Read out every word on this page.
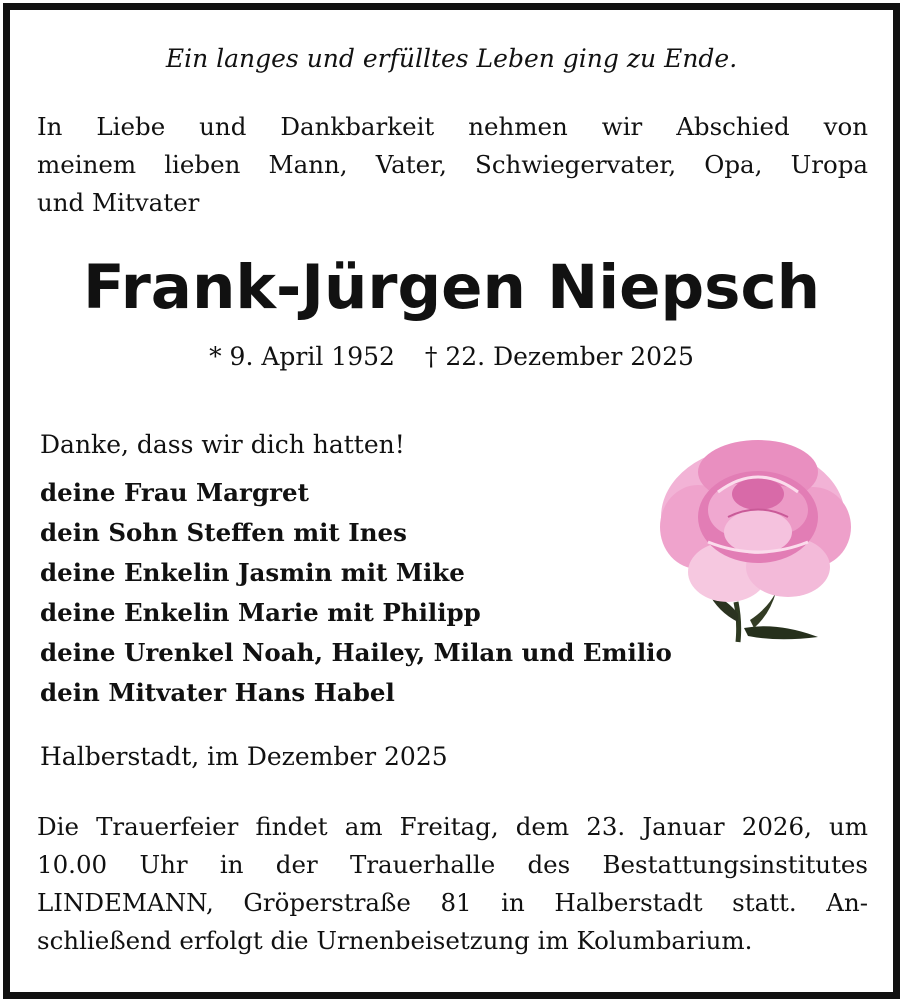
Ein langes und erfülltes Leben ging zu Ende.
In Liebe und Dankbarkeit nehmen wir Abschied von
meinem lieben Mann, Vater, Schwiegervater, Opa, Uropa
und Mitvater
Frank-Jürgen Niepsch
* 9. April 1952 † 22. Dezember 2025
Danke, dass wir dich hatten!
deine Frau Margret
dein Sohn Steffen mit Ines
deine Enkelin Jasmin mit Mike
deine Enkelin Marie mit Philipp
deine Urenkel Noah, Hailey, Milan und Emilio
dein Mitvater Hans Habel
Halberstadt, im Dezember 2025
Die Trauerfeier findet am Freitag, dem 23. Januar 2026, um
10.00 Uhr in der Trauerhalle des Bestattungsinstitutes
LINDEMANN, Gröperstraße 81 in Halberstadt statt. An-
schließend erfolgt die Urnenbeisetzung im Kolumbarium.
